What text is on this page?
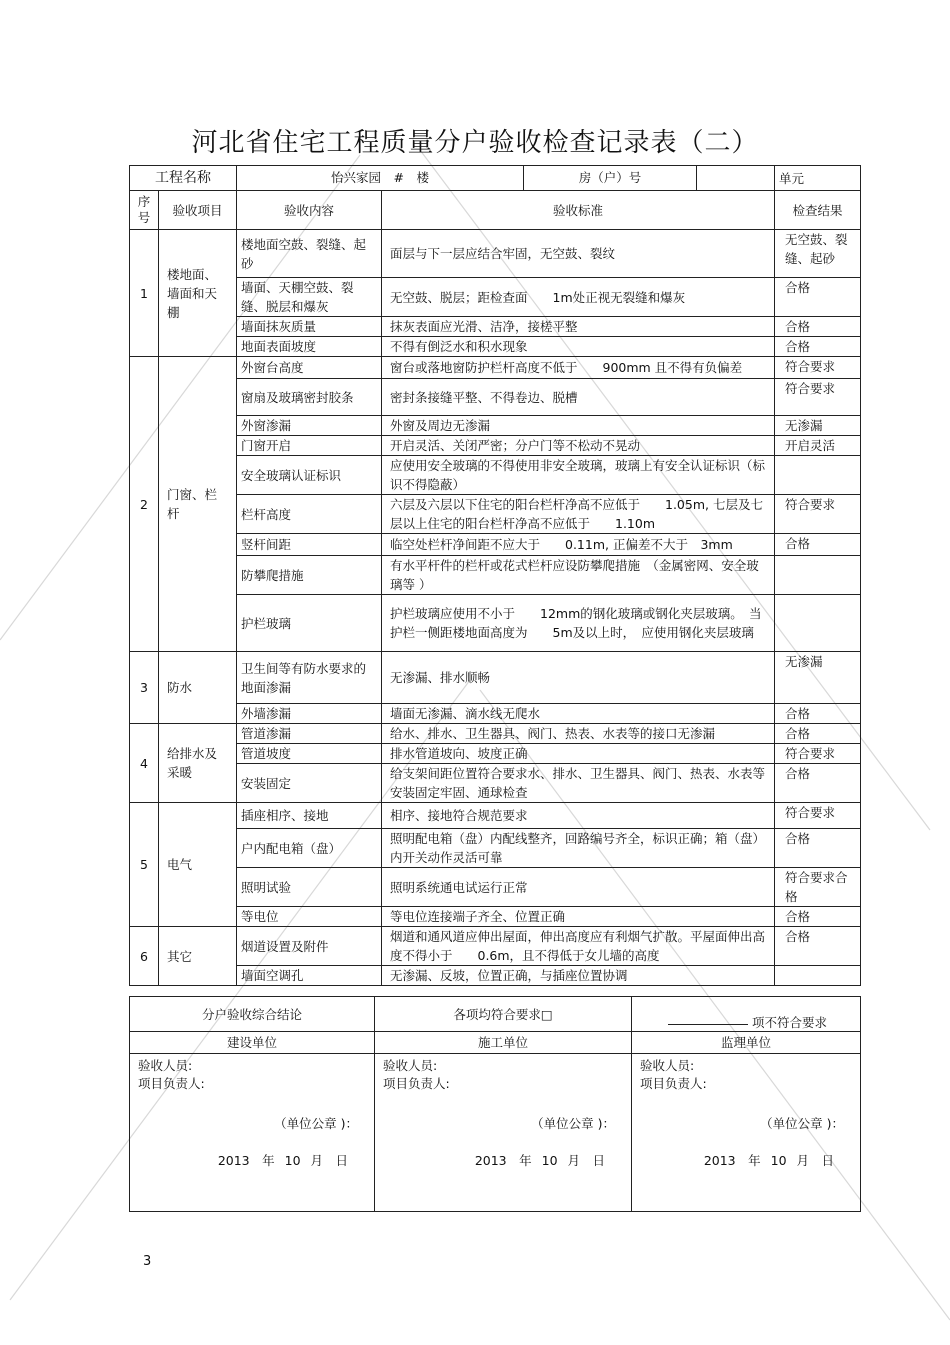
河北省住宅工程质量分户验收检查记录表（二）
工程名称		怡兴家园　#　楼 房（户）号		单元
序号	验收项目	验收内容	验收标准	检查结果
1	楼地面、墙面和天棚	楼地面空鼓、裂缝、起砂	面层与下一层应结合牢固，无空鼓、裂纹	无空鼓、裂缝、起砂
		墙面、天棚空鼓、裂缝、脱层和爆灰	无空鼓、脱层；距检查面　　1m处正视无裂缝和爆灰	合格
		墙面抹灰质量	抹灰表面应光滑、洁净，接槎平整	合格
		地面表面坡度	不得有倒泛水和积水现象	合格
2	门窗、栏杆	外窗台高度	窗台或落地窗防护栏杆高度不低于　　900mm 且不得有负偏差	符合要求
		窗扇及玻璃密封胶条	密封条接缝平整、不得卷边、脱槽	符合要求
		外窗渗漏	外窗及周边无渗漏	无渗漏
		门窗开启	开启灵活、关闭严密；分户门等不松动不晃动	开启灵活
		安全玻璃认证标识	应使用安全玻璃的不得使用非安全玻璃，玻璃上有安全认证标识（标识不得隐蔽）	
		栏杆高度	六层及六层以下住宅的阳台栏杆净高不应低于　　1.05m, 七层及七层以上住宅的阳台栏杆净高不应低于　　1.10m	符合要求
		竖杆间距	临空处栏杆净间距不应大于　　0.11m, 正偏差不大于　3mm	合格
		防攀爬措施	有水平杆件的栏杆或花式栏杆应设防攀爬措施　（金属密网、安全玻璃等 ）	
		护栏玻璃	护栏玻璃应使用不小于　　12mm的钢化玻璃或钢化夹层玻璃。　当护栏一侧距楼地面高度为　　5m及以上时，　应使用钢化夹层玻璃	
3	防水	卫生间等有防水要求的地面渗漏	无渗漏、排水顺畅	无渗漏
		外墙渗漏	墙面无渗漏、滴水线无爬水	合格
4	给排水及采暖	管道渗漏	给水、排水、卫生器具、阀门、热表、水表等的接口无渗漏	合格
		管道坡度	排水管道坡向、坡度正确	符合要求
		安装固定	给支架间距位置符合要求水、排水、卫生器具、阀门、热表、水表等安装固定牢固、通球检查	合格
5	电气	插座相序、接地	相序、接地符合规范要求	符合要求
		户内配电箱（盘）	照明配电箱（盘）内配线整齐，回路编号齐全，标识正确；箱（盘）内开关动作灵活可靠	合格
		照明试验	照明系统通电试运行正常	符合要求合格
		等电位	等电位连接端子齐全、位置正确	合格
6	其它	烟道设置及附件	烟道和通风道应伸出屋面，伸出高度应有利烟气扩散。平屋面伸出高度不得小于　　0.6m，且不得低于女儿墙的高度	合格
		墙面空调孔	无渗漏、反坡，位置正确，与插座位置协调	
分户验收综合结论	各项均符合要求□	项不符合要求

建设单位	施工单位	监理单位

验收人员:
项目负责人:
（单位公章 )：
2013　年 10 月　日	验收人员:
项目负责人:
（单位公章 )：
2013　年 10 月　日	验收人员:
项目负责人:
（单位公章 )：
2013　年 10 月　日
3
